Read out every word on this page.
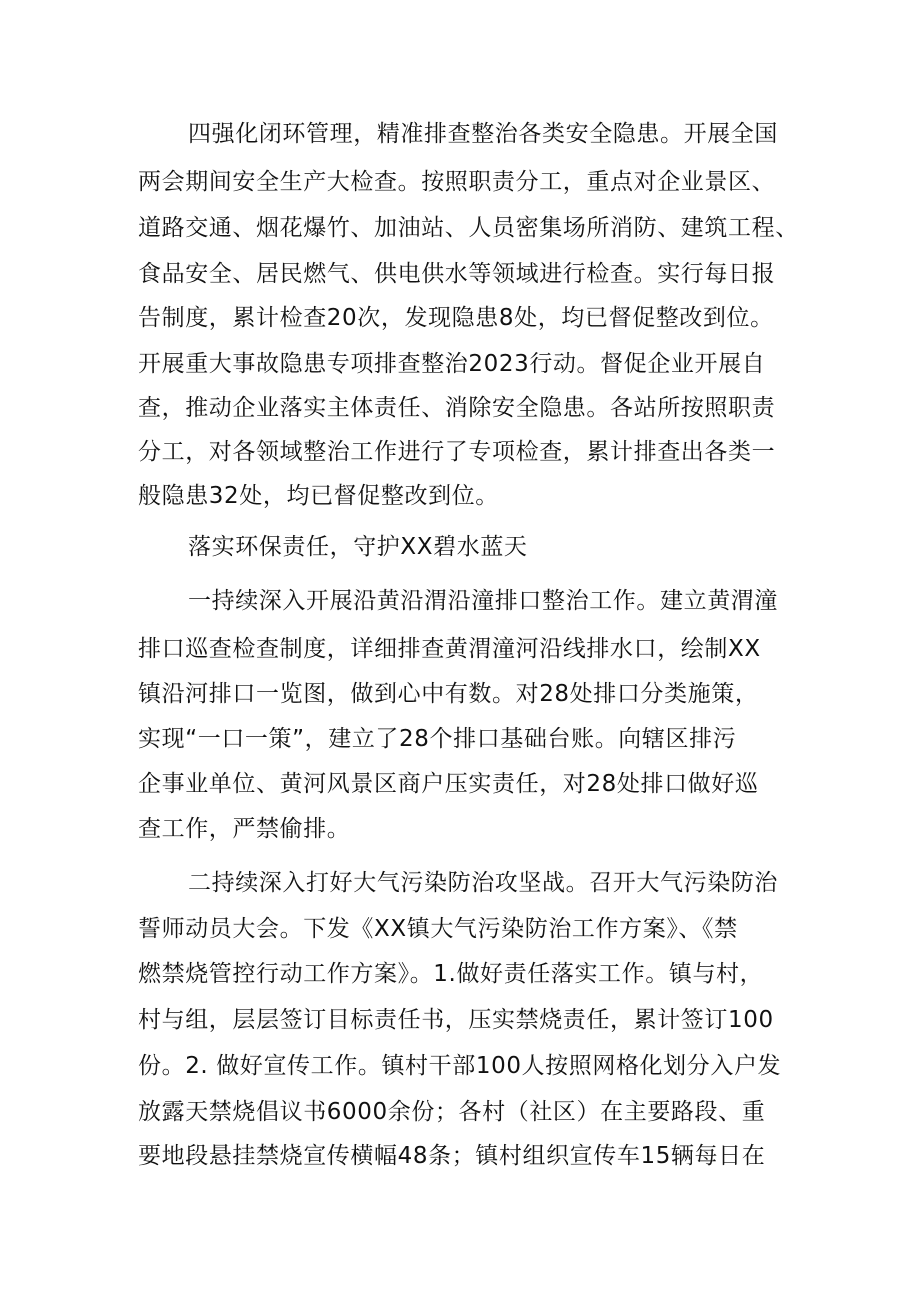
四强化闭环管理，精准排查整治各类安全隐患。开展全国
两会期间安全生产大检查。按照职责分工，重点对企业景区、
道路交通、烟花爆竹、加油站、人员密集场所消防、建筑工程、
食品安全、居民燃气、供电供水等领域进行检查。实行每日报
告制度，累计检查20次，发现隐患8处，均已督促整改到位。
开展重大事故隐患专项排查整治2023行动。督促企业开展自
查，推动企业落实主体责任、消除安全隐患。各站所按照职责
分工，对各领域整治工作进行了专项检查，累计排查出各类一
般隐患32处，均已督促整改到位。
落实环保责任，守护XX碧水蓝天
一持续深入开展沿黄沿渭沿潼排口整治工作。建立黄渭潼
排口巡查检查制度，详细排查黄渭潼河沿线排水口，绘制XX
镇沿河排口一览图，做到心中有数。对28处排口分类施策，
实现“一口一策”，建立了28个排口基础台账。向辖区排污
企事业单位、黄河风景区商户压实责任，对28处排口做好巡
查工作，严禁偷排。
二持续深入打好大气污染防治攻坚战。召开大气污染防治
誓师动员大会。下发《XX镇大气污染防治工作方案》、《禁
燃禁烧管控行动工作方案》。1.做好责任落实工作。镇与村，
村与组，层层签订目标责任书，压实禁烧责任，累计签订100
份。2. 做好宣传工作。镇村干部100人按照网格化划分入户发
放露天禁烧倡议书6000余份；各村（社区）在主要路段、重
要地段悬挂禁烧宣传横幅48条；镇村组织宣传车15辆每日在
